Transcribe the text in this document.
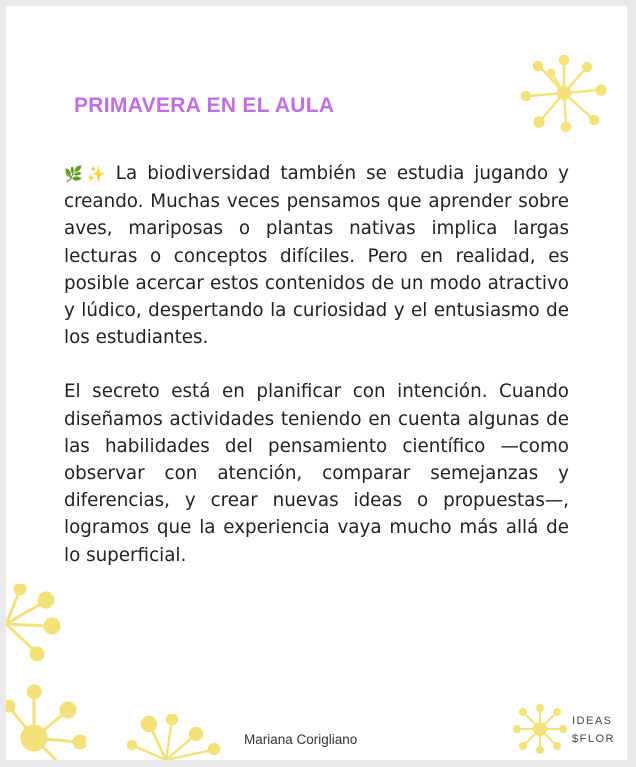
PRIMAVERA EN EL AULA

🌿✨ La biodiversidad también se estudia jugando y creando. Muchas veces pensamos que aprender sobre aves, mariposas o plantas nativas implica largas lecturas o conceptos difíciles. Pero en realidad, es posible acercar estos contenidos de un modo atractivo y lúdico, despertando la curiosidad y el entusiasmo de los estudiantes.

El secreto está en planificar con intención. Cuando diseñamos actividades teniendo en cuenta algunas de las habilidades del pensamiento científico —como observar con atención, comparar semejanzas y diferencias, y crear nuevas ideas o propuestas—, logramos que la experiencia vaya mucho más allá de lo superficial.

Mariana Corigliano
IDEAS
$FLOR
